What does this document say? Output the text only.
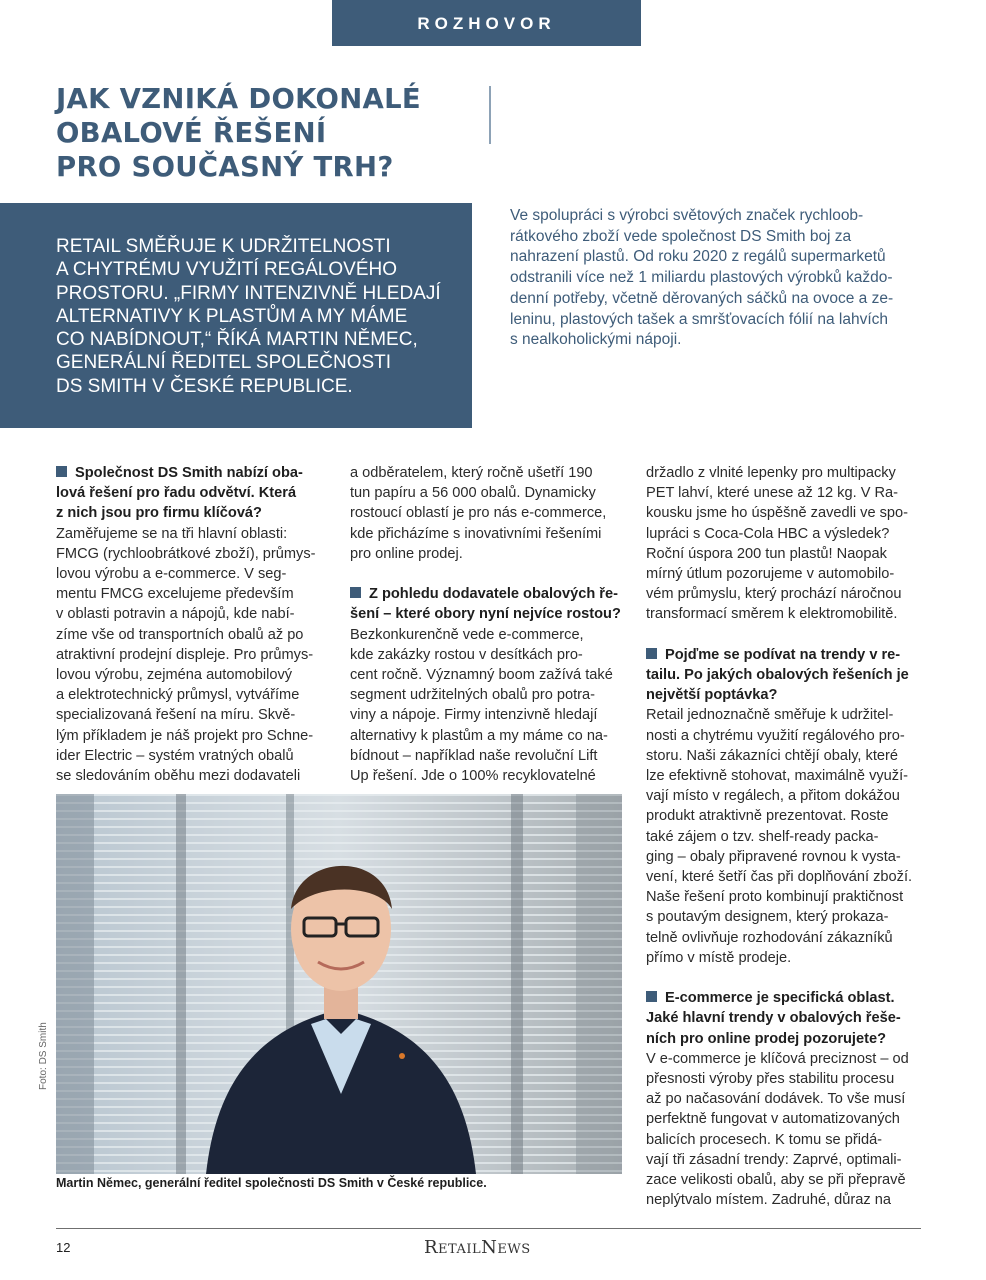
ROZHOVOR
JAK VZNIKÁ DOKONALÉ
OBALOVÉ ŘEŠENÍ
PRO SOUČASNÝ TRH?
RETAIL SMĚŘUJE K UDRŽITELNOSTI
A CHYTRÉMU VYUŽITÍ REGÁLOVÉHO
PROSTORU. „FIRMY INTENZIVNĚ HLEDAJÍ
ALTERNATIVY K PLASTŮM A MY MÁME
CO NABÍDNOUT,“ ŘÍKÁ MARTIN NĚMEC,
GENERÁLNÍ ŘEDITEL SPOLEČNOSTI
DS SMITH V ČESKÉ REPUBLICE.
Ve spolupráci s výrobci světových značek rychloob-
rátkového zboží vede společnost DS Smith boj za
nahrazení plastů. Od roku 2020 z regálů supermarketů
odstranili více než 1 miliardu plastových výrobků každo-
denní potřeby, včetně děrovaných sáčků na ovoce a ze-
leninu, plastových tašek a smršťovacích fólií na lahvích
s nealkoholickými nápoji.
Společnost DS Smith nabízí oba-
lová řešení pro řadu odvětví. Která
z nich jsou pro firmu klíčová?
Zaměřujeme se na tři hlavní oblasti:
FMCG (rychloobrátkové zboží), průmys-
lovou výrobu a e-commerce. V seg-
mentu FMCG excelujeme především
v oblasti potravin a nápojů, kde nabí-
zíme vše od transportních obalů až po
atraktivní prodejní displeje. Pro průmys-
lovou výrobu, zejména automobilový
a elektrotechnický průmysl, vytváříme
specializovaná řešení na míru. Skvě-
lým příkladem je náš projekt pro Schne-
ider Electric – systém vratných obalů
se sledováním oběhu mezi dodavateli
a odběratelem, který ročně ušetří 190
tun papíru a 56 000 obalů. Dynamicky
rostoucí oblastí je pro nás e-commerce,
kde přicházíme s inovativními řešeními
pro online prodej.
Z pohledu dodavatele obalových ře-
šení – které obory nyní nejvíce rostou?
Bezkonkurenčně vede e-commerce,
kde zakázky rostou v desítkách pro-
cent ročně. Významný boom zažívá také
segment udržitelných obalů pro potra-
viny a nápoje. Firmy intenzivně hledají
alternativy k plastům a my máme co na-
bídnout – například naše revoluční Lift
Up řešení. Jde o 100% recyklovatelné
držadlo z vlnité lepenky pro multipacky
PET lahví, které unese až 12 kg. V Ra-
kousku jsme ho úspěšně zavedli ve spo-
lupráci s Coca-Cola HBC a výsledek?
Roční úspora 200 tun plastů! Naopak
mírný útlum pozorujeme v automobilo-
vém průmyslu, který prochází náročnou
transformací směrem k elektromobilitě.
Pojďme se podívat na trendy v re-
tailu. Po jakých obalových řešeních je
největší poptávka?
Retail jednoznačně směřuje k udržitel-
nosti a chytrému využití regálového pro-
storu. Naši zákazníci chtějí obaly, které
lze efektivně stohovat, maximálně využí-
vají místo v regálech, a přitom dokážou
produkt atraktivně prezentovat. Roste
také zájem o tzv. shelf-ready packa-
ging – obaly připravené rovnou k vysta-
vení, které šetří čas při doplňování zboží.
Naše řešení proto kombinují praktičnost
s poutavým designem, který prokaza-
telně ovlivňuje rozhodování zákazníků
přímo v místě prodeje.
E-commerce je specifická oblast.
Jaké hlavní trendy v obalových řeše-
ních pro online prodej pozorujete?
V e-commerce je klíčová preciznost – od
přesnosti výroby přes stabilitu procesu
až po načasování dodávek. To vše musí
perfektně fungovat v automatizovaných
balicích procesech. K tomu se přidá-
vají tři zásadní trendy: Zaprvé, optimali-
zace velikosti obalů, aby se při přepravě
neplýtvalo místem. Zadruhé, důraz na
Foto: DS Smith
Martin Němec, generální ředitel společnosti DS Smith v České republice.
12	RetailNews
